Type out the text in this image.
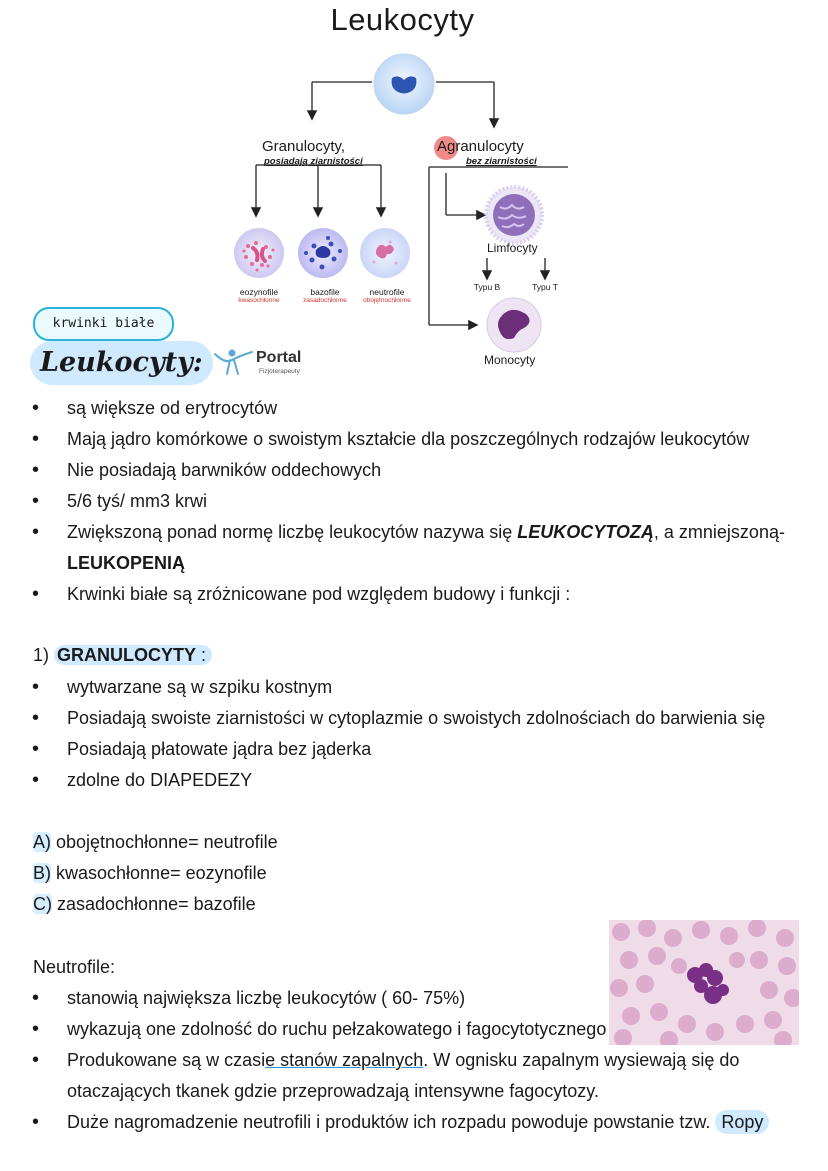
Leukocyty
Granulocyty,
posiadają ziarnistości
Agranulocyty
bez ziarnistości
eozynofile
kwasochłonne
bazofile
zasadochłonne
neutrofile
obojętnochłonne
Limfocyty
Typu B	Typu T
Monocyty
krwinki białe
Leukocyty:	Portal
Fizjoterapeuty
• są większe od erytrocytów
• Mają jądro komórkowe o swoistym kształcie dla poszczególnych rodzajów leukocytów
• Nie posiadają barwników oddechowych
• 5/6 tyś/ mm3 krwi
• Zwiększoną ponad normę liczbę leukocytów nazywa się LEUKOCYTOZĄ, a zmniejszoną-
LEUKOPENIĄ
• Krwinki białe są zróżnicowane pod względem budowy i funkcji :
1) GRANULOCYTY :
• wytwarzane są w szpiku kostnym
• Posiadają swoiste ziarnistości w cytoplazmie o swoistych zdolnościach do barwienia się
• Posiadają płatowate jądra bez jąderka
• zdolne do DIAPEDEZY
A) obojętnochłonne= neutrofile
B) kwasochłonne= eozynofile
C) zasadochłonne= bazofile
Neutrofile:
• stanowią największa liczbę leukocytów ( 60- 75%)
• wykazują one zdolność do ruchu pełzakowatego i fagocytotycznego
• Produkowane są w czasie stanów zapalnych. W ognisku zapalnym wysiewają się do otaczających tkanek gdzie przeprowadzają intensywne fagocytozy.
• Duże nagromadzenie neutrofili i produktów ich rozpadu powoduje powstanie tzw. Ropy
